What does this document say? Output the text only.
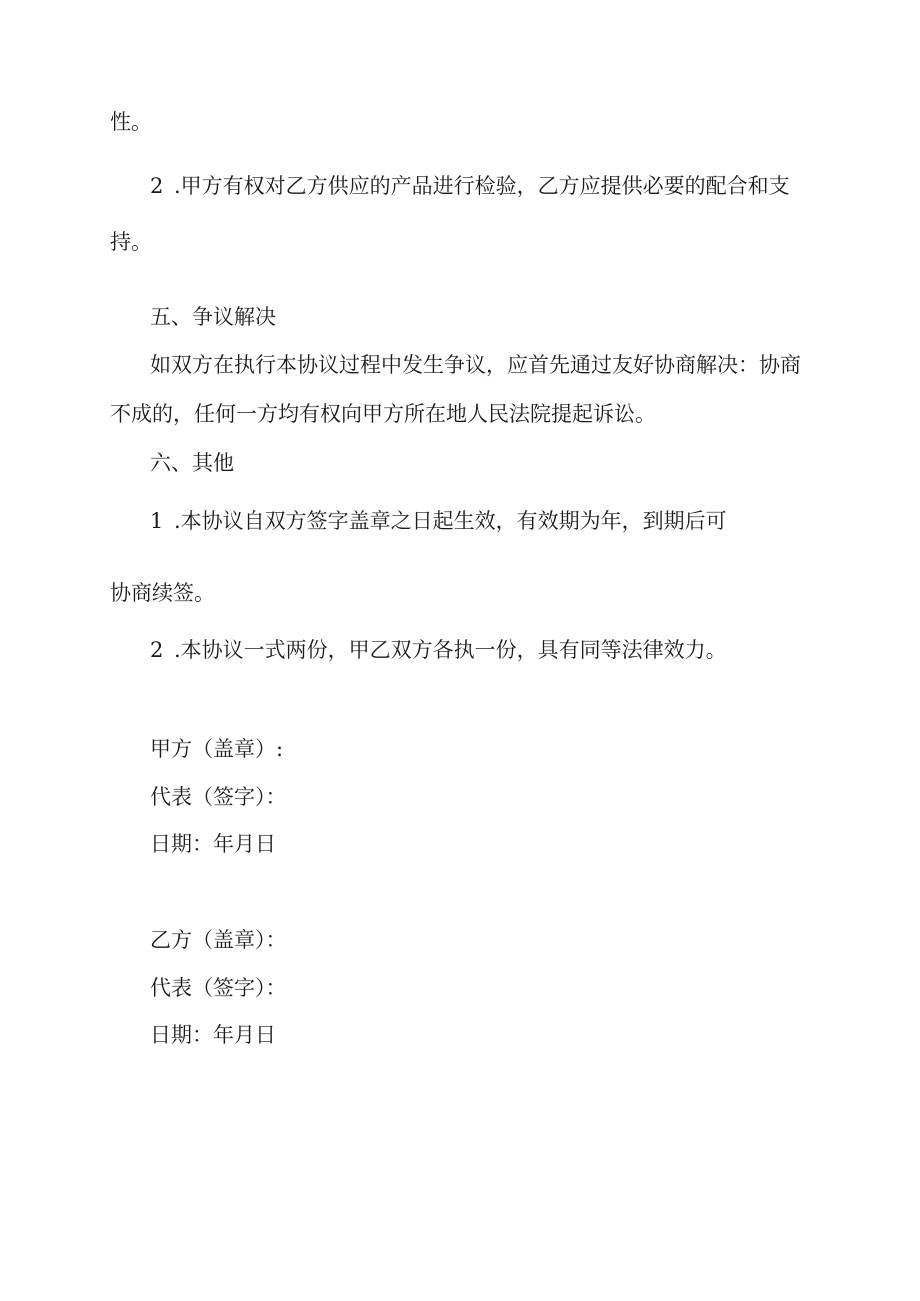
性。

2 .甲方有权对乙方供应的产品进行检验，乙方应提供必要的配合和支

持。

五、争议解决

如双方在执行本协议过程中发生争议，应首先通过友好协商解决：协商

不成的，任何一方均有权向甲方所在地人民法院提起诉讼。

六、其他

1 .本协议自双方签字盖章之日起生效，有效期为年，到期后可

协商续签。

2 .本协议一式两份，甲乙双方各执一份，具有同等法律效力。

甲方（盖章）:

代表（签字）：

日期：年月日

乙方（盖章）：

代表（签字）：

日期：年月日
